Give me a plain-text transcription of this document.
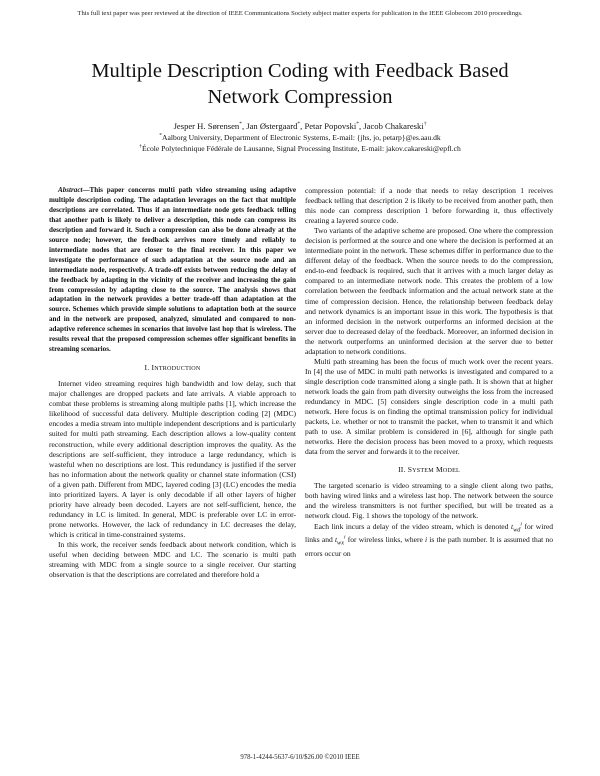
This full text paper was peer reviewed at the direction of IEEE Communications Society subject matter experts for publication in the IEEE Globecom 2010 proceedings.
Multiple Description Coding with Feedback Based
Network Compression
Jesper H. Sørensen*, Jan Østergaard*, Petar Popovski*, Jacob Chakareski†
*Aalborg University, Department of Electronic Systems, E-mail: {jhs, jo, petarp}@es.aau.dk
†École Polytechnique Fédérale de Lausanne, Signal Processing Institute, E-mail: jakov.cakareski@epfl.ch

Abstract—This paper concerns multi path video streaming using adaptive multiple description coding. The adaptation leverages on the fact that multiple descriptions are correlated. Thus if an intermediate node gets feedback telling that another path is likely to deliver a description, this node can compress its description and forward it. Such a compression can also be done already at the source node; however, the feedback arrives more timely and reliably to intermediate nodes that are closer to the final receiver. In this paper we investigate the performance of such adaptation at the source node and an intermediate node, respectively. A trade-off exists between reducing the delay of the feedback by adapting in the vicinity of the receiver and increasing the gain from compression by adapting close to the source. The analysis shows that adaptation in the network provides a better trade-off than adaptation at the source. Schemes which provide simple solutions to adaptation both at the source and in the network are proposed, analyzed, simulated and compared to non-adaptive reference schemes in scenarios that involve last hop that is wireless. The results reveal that the proposed compression schemes offer significant benefits in streaming scenarios.

I. INTRODUCTION

Internet video streaming requires high bandwidth and low delay, such that major challenges are dropped packets and late arrivals. A viable approach to combat these problems is streaming along multiple paths [1], which increase the likelihood of successful data delivery. Multiple description coding [2] (MDC) encodes a media stream into multiple independent descriptions and is particularly suited for multi path streaming. Each description allows a low-quality content reconstruction, while every additional description improves the quality. As the descriptions are self-sufficient, they introduce a large redundancy, which is wasteful when no descriptions are lost. This redundancy is justified if the server has no information about the network quality or channel state information (CSI) of a given path. Different from MDC, layered coding [3] (LC) encodes the media into prioritized layers. A layer is only decodable if all other layers of higher priority have already been decoded. Layers are not self-sufficient, hence, the redundancy in LC is limited. In general, MDC is preferable over LC in error-prone networks. However, the lack of redundancy in LC decreases the delay, which is critical in time-constrained systems.

In this work, the receiver sends feedback about network condition, which is useful when deciding between MDC and LC. The scenario is multi path streaming with MDC from a single source to a single receiver. Our starting observation is that the descriptions are correlated and therefore hold a

compression potential: if a node that needs to relay description 1 receives feedback telling that description 2 is likely to be received from another path, then this node can compress description 1 before forwarding it, thus effectively creating a layered source code.

Two variants of the adaptive scheme are proposed. One where the compression decision is performed at the source and one where the decision is performed at an intermediate point in the network. These schemes differ in performance due to the different delay of the feedback. When the source needs to do the compression, end-to-end feedback is required, such that it arrives with a much larger delay as compared to an intermediate network node. This creates the problem of a low correlation between the feedback information and the actual network state at the time of compression decision. Hence, the relationship between feedback delay and network dynamics is an important issue in this work. The hypothesis is that an informed decision in the network outperforms an informed decision at the server due to decreased delay of the feedback. Moreover, an informed decision in the network outperforms an uninformed decision at the server due to better adaptation to network conditions.

Multi path streaming has been the focus of much work over the recent years. In [4] the use of MDC in multi path networks is investigated and compared to a single description code transmitted along a single path. It is shown that at higher network loads the gain from path diversity outweighs the loss from the increased redundancy in MDC. [5] considers single description code in a multi path network. Here focus is on finding the optimal transmission policy for individual packets, i.e. whether or not to transmit the packet, when to transmit it and which path to use. A similar problem is considered in [6], although for single path networks. Here the decision process has been moved to a proxy, which requests data from the server and forwards it to the receiver.

II. SYSTEM MODEL

The targeted scenario is video streaming to a single client along two paths, both having wired links and a wireless last hop. The network between the source and the wireless transmitters is not further specified, but will be treated as a network cloud. Fig. 1 shows the topology of the network.

Each link incurs a delay of the video stream, which is denoted $t_{wd}^i$ for wired links and $t_{wx}^i$ for wireless links, where i is the path number. It is assumed that no errors occur on

978-1-4244-5637-6/10/$26.00 ©2010 IEEE
